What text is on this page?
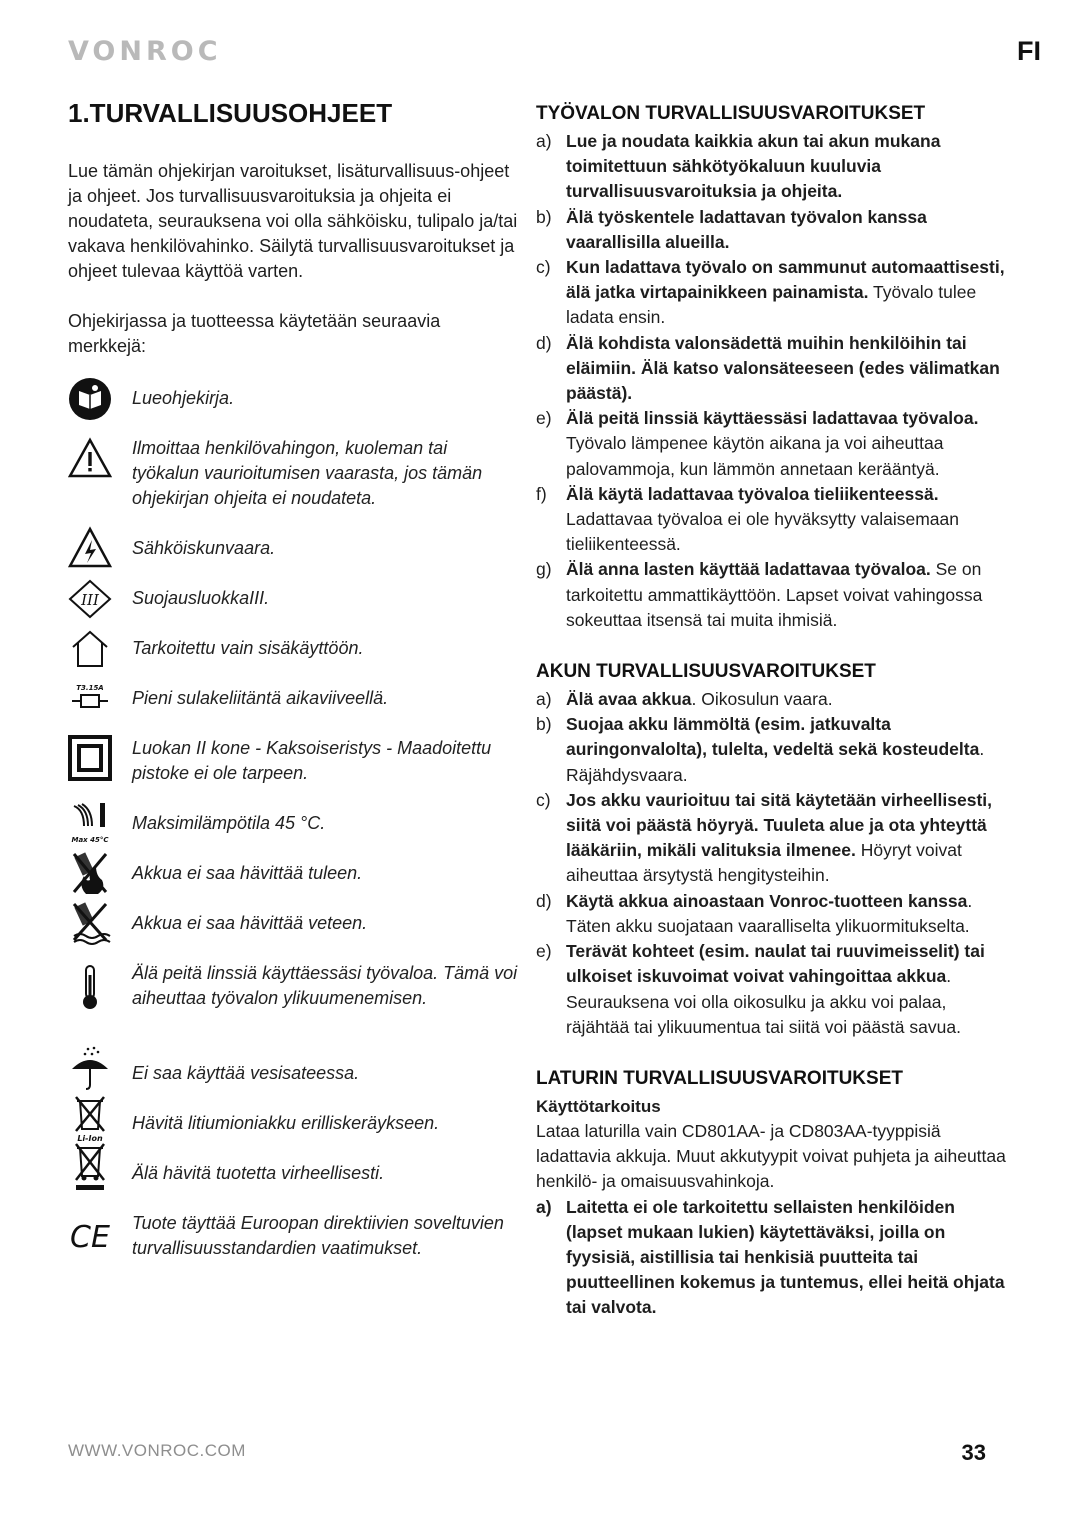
VONROC	FI
1.TURVALLISUUSOHJEET

Lue tämän ohjekirjan varoitukset, lisäturvallisuus-ohjeet ja ohjeet. Jos turvallisuusvaroituksia ja ohjeita ei noudateta, seurauksena voi olla sähköisku, tulipalo ja/tai vakava henkilövahinko. Säilytä turvallisuusvaroitukset ja ohjeet tulevaa käyttöä varten.

Ohjekirjassa ja tuotteessa käytetään seuraavia merkkejä:

Lueohjekirja.
Ilmoittaa henkilövahingon, kuoleman tai työkalun vaurioitumisen vaarasta, jos tämän ohjekirjan ohjeita ei noudateta.
Sähköiskunvaara.
III SuojausluokkaIII.
Tarkoitettu vain sisäkäyttöön.
T3.15A Pieni sulakeliitäntä aikaviiveellä.
Luokan II kone - Kaksoiseristys - Maadoitettu pistoke ei ole tarpeen.
Max 45°C
Maksimilämpötila 45 °C.
Akkua ei saa hävittää tuleen.
Akkua ei saa hävittää veteen.
Älä peitä linssiä käyttäessäsi työvaloa. Tämä voi aiheuttaa työvalon ylikuumenemisen.
Ei saa käyttää vesisateessa.
Li-Ion
Hävitä litiumioniakku erilliskeräykseen.
Älä hävitä tuotetta virheellisesti.
CE Tuote täyttää Euroopan direktiivien soveltuvien turvallisuusstandardien vaatimukset.
TYÖVALON TURVALLISUUSVAROITUKSET
a) Lue ja noudata kaikkia akun tai akun mukana toimitettuun sähkötyökaluun kuuluvia turvallisuusvaroituksia ja ohjeita.
b) Älä työskentele ladattavan työvalon kanssa vaarallisilla alueilla.
c) Kun ladattava työvalo on sammunut automaattisesti, älä jatka virtapainikkeen painamista. Työvalo tulee ladata ensin.
d) Älä kohdista valonsädettä muihin henkilöihin tai eläimiin. Älä katso valonsäteeseen (edes välimatkan päästä).
e) Älä peitä linssiä käyttäessäsi ladattavaa työvaloa. Työvalo lämpenee käytön aikana ja voi aiheuttaa palovammoja, kun lämmön annetaan kerääntyä.
f) Älä käytä ladattavaa työvaloa tieliikenteessä. Ladattavaa työvaloa ei ole hyväksytty valaisemaan tieliikenteessä.
g) Älä anna lasten käyttää ladattavaa työvaloa. Se on tarkoitettu ammattikäyttöön. Lapset voivat vahingossa sokeuttaa itsensä tai muita ihmisiä.
AKUN TURVALLISUUSVAROITUKSET
a) Älä avaa akkua. Oikosulun vaara.
b) Suojaa akku lämmöltä (esim. jatkuvalta auringonvalolta), tulelta, vedeltä sekä kosteudelta. Räjähdysvaara.
c) Jos akku vaurioituu tai sitä käytetään virheellisesti, siitä voi päästä höyryä. Tuuleta alue ja ota yhteyttä lääkäriin, mikäli valituksia ilmenee. Höyryt voivat aiheuttaa ärsytystä hengitysteihin.
d) Käytä akkua ainoastaan Vonroc-tuotteen kanssa. Täten akku suojataan vaaralliselta ylikuormitukselta.
e) Terävät kohteet (esim. naulat tai ruuvimeisselit) tai ulkoiset iskuvoimat voivat vahingoittaa akkua. Seurauksena voi olla oikosulku ja akku voi palaa, räjähtää tai ylikuumentua tai siitä voi päästä savua.
LATURIN TURVALLISUUSVAROITUKSET
Käyttötarkoitus

Lataa laturilla vain CD801AA- ja CD803AA-tyyppisiä ladattavia akkuja. Muut akkutyypit voivat puhjeta ja aiheuttaa henkilö- ja omaisuusvahinkoja.

a) Laitetta ei ole tarkoitettu sellaisten henkilöiden (lapset mukaan lukien) käytettäväksi, joilla on fyysisiä, aistillisia tai henkisiä puutteita tai puutteellinen kokemus ja tuntemus, ellei heitä ohjata tai valvota.
WWW.VONROC.COM	33
